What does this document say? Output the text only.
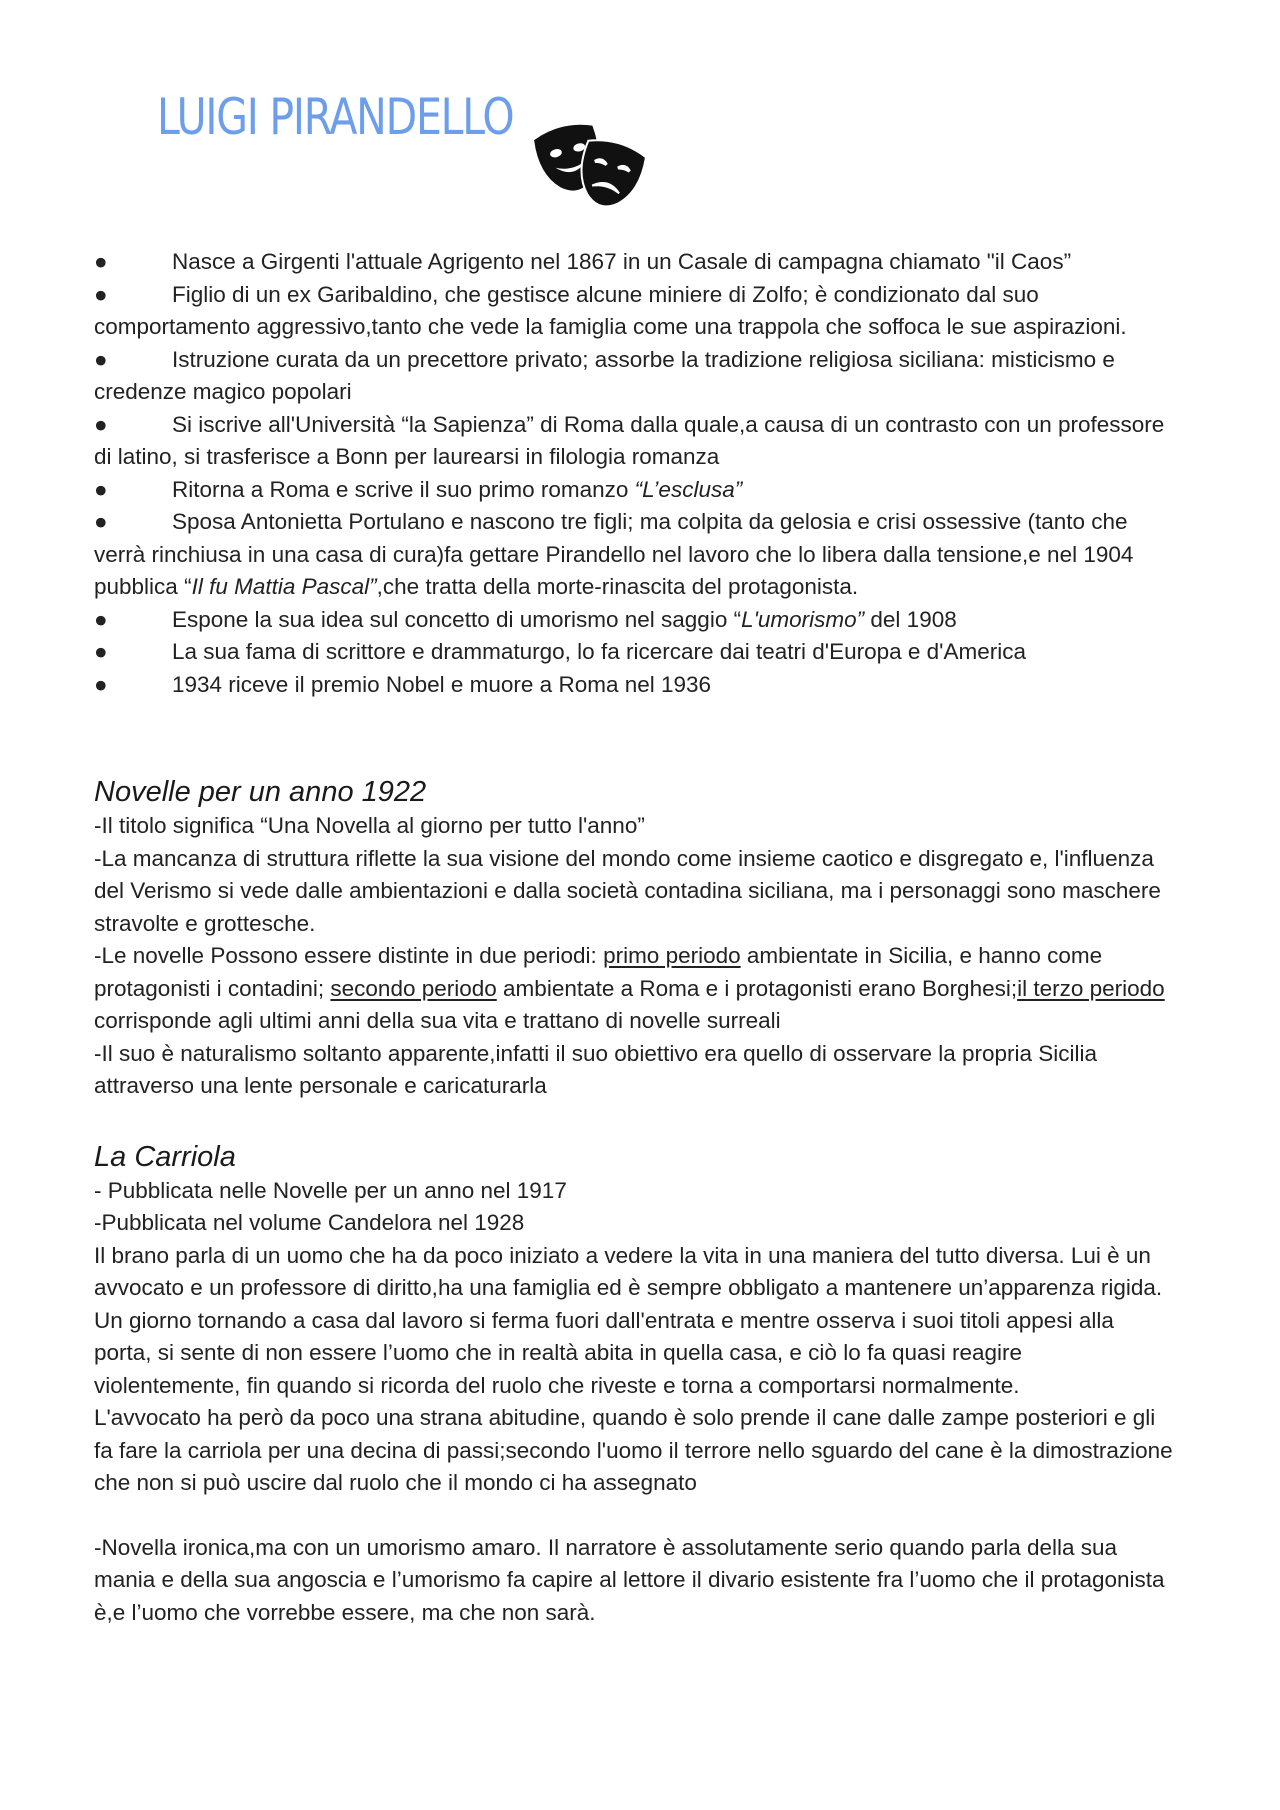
LUIGI PIRANDELLO
●	Nasce a Girgenti l'attuale Agrigento nel 1867 in un Casale di campagna chiamato "il Caos”
●	Figlio di un ex Garibaldino, che gestisce alcune miniere di Zolfo; è condizionato dal suo comportamento aggressivo,tanto che vede la famiglia come una trappola che soffoca le sue aspirazioni.
●	Istruzione curata da un precettore privato; assorbe la tradizione religiosa siciliana: misticismo e credenze magico popolari
●	Si iscrive all'Università “la Sapienza” di Roma dalla quale,a causa di un contrasto con un professore di latino, si trasferisce a Bonn per laurearsi in filologia romanza
●	Ritorna a Roma e scrive il suo primo romanzo “L’esclusa”
●	Sposa Antonietta Portulano e nascono tre figli; ma colpita da gelosia e crisi ossessive (tanto che verrà rinchiusa in una casa di cura)fa gettare Pirandello nel lavoro che lo libera dalla tensione,e nel 1904 pubblica “Il fu Mattia Pascal”,che tratta della morte-rinascita del protagonista.
●	Espone la sua idea sul concetto di umorismo nel saggio “L'umorismo” del 1908
●	La sua fama di scrittore e drammaturgo, lo fa ricercare dai teatri d'Europa e d'America
●	1934 riceve il premio Nobel e muore a Roma nel 1936
Novelle per un anno 1922

-Il titolo significa “Una Novella al giorno per tutto l'anno”

-La mancanza di struttura riflette la sua visione del mondo come insieme caotico e disgregato e, l'influenza del Verismo si vede dalle ambientazioni e dalla società contadina siciliana, ma i personaggi sono maschere stravolte e grottesche.

-Le novelle Possono essere distinte in due periodi: primo periodo ambientate in Sicilia, e hanno come protagonisti i contadini; secondo periodo ambientate a Roma e i protagonisti erano Borghesi;il terzo periodo corrisponde agli ultimi anni della sua vita e trattano di novelle surreali

-Il suo è naturalismo soltanto apparente,infatti il suo obiettivo era quello di osservare la propria Sicilia attraverso una lente personale e caricaturarla

La Carriola

- Pubblicata nelle Novelle per un anno nel 1917

-Pubblicata nel volume Candelora nel 1928

Il brano parla di un uomo che ha da poco iniziato a vedere la vita in una maniera del tutto diversa. Lui è un avvocato e un professore di diritto,ha una famiglia ed è sempre obbligato a mantenere un’apparenza rigida.

Un giorno tornando a casa dal lavoro si ferma fuori dall'entrata e mentre osserva i suoi titoli appesi alla porta, si sente di non essere l’uomo che in realtà abita in quella casa, e ciò lo fa quasi reagire violentemente, fin quando si ricorda del ruolo che riveste e torna a comportarsi normalmente.

L'avvocato ha però da poco una strana abitudine, quando è solo prende il cane dalle zampe posteriori e gli fa fare la carriola per una decina di passi;secondo l'uomo il terrore nello sguardo del cane è la dimostrazione che non si può uscire dal ruolo che il mondo ci ha assegnato

-Novella ironica,ma con un umorismo amaro. Il narratore è assolutamente serio quando parla della sua mania e della sua angoscia e l’umorismo fa capire al lettore il divario esistente fra l’uomo che il protagonista è,e l’uomo che vorrebbe essere, ma che non sarà.
